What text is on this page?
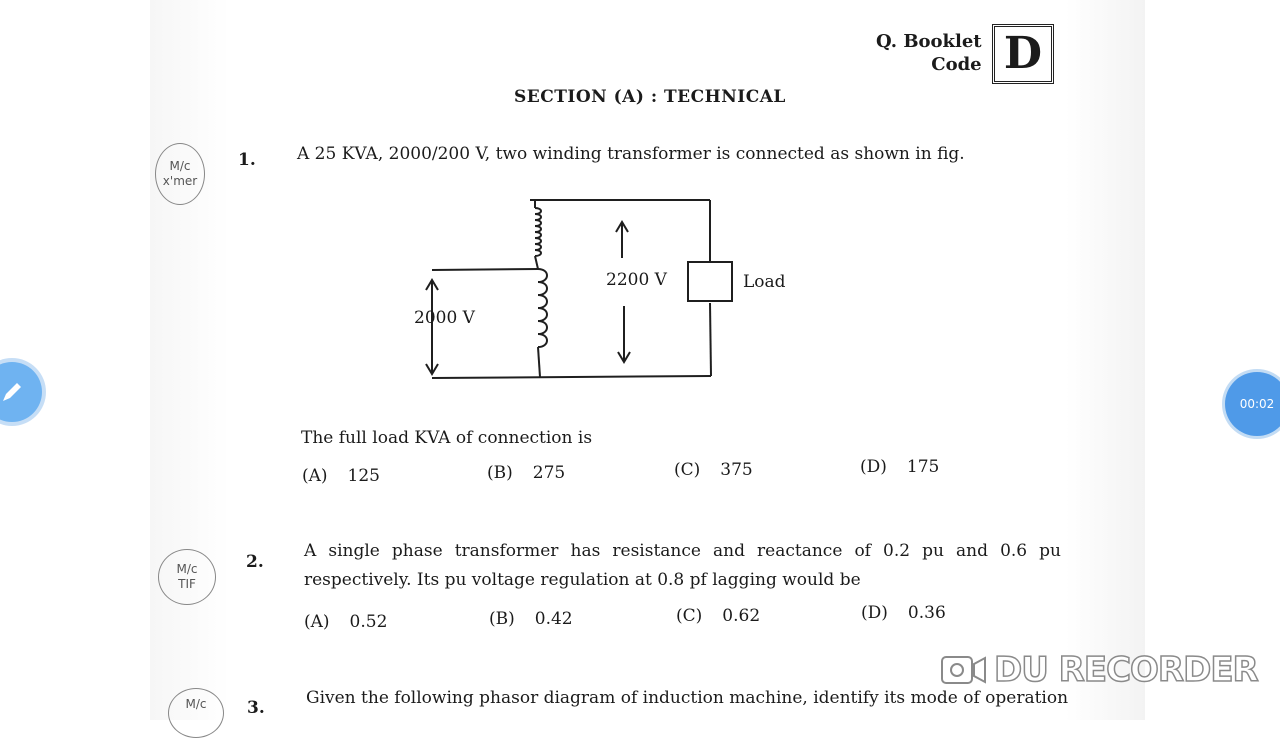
Q. Booklet
Code D
SECTION (A) : TECHNICAL
M/c
x'mer
1. A 25 KVA, 2000/200 V, two winding transformer is connected as shown in fig.
2000 V
2200 V	Load
The full load KVA of connection is
(A) 125	(B) 275	(C) 375	(D) 175
M/c
TIF
2.
A single phase transformer has resistance and reactance of 0.2 pu and 0.6 pu
respectively. Its pu voltage regulation at 0.8 pf lagging would be
(A) 0.52	(B) 0.42	(C) 0.62	(D) 0.36
M/c 3. Given the following phasor diagram of induction machine, identify its mode of operation
00:02
DU RECORDER
